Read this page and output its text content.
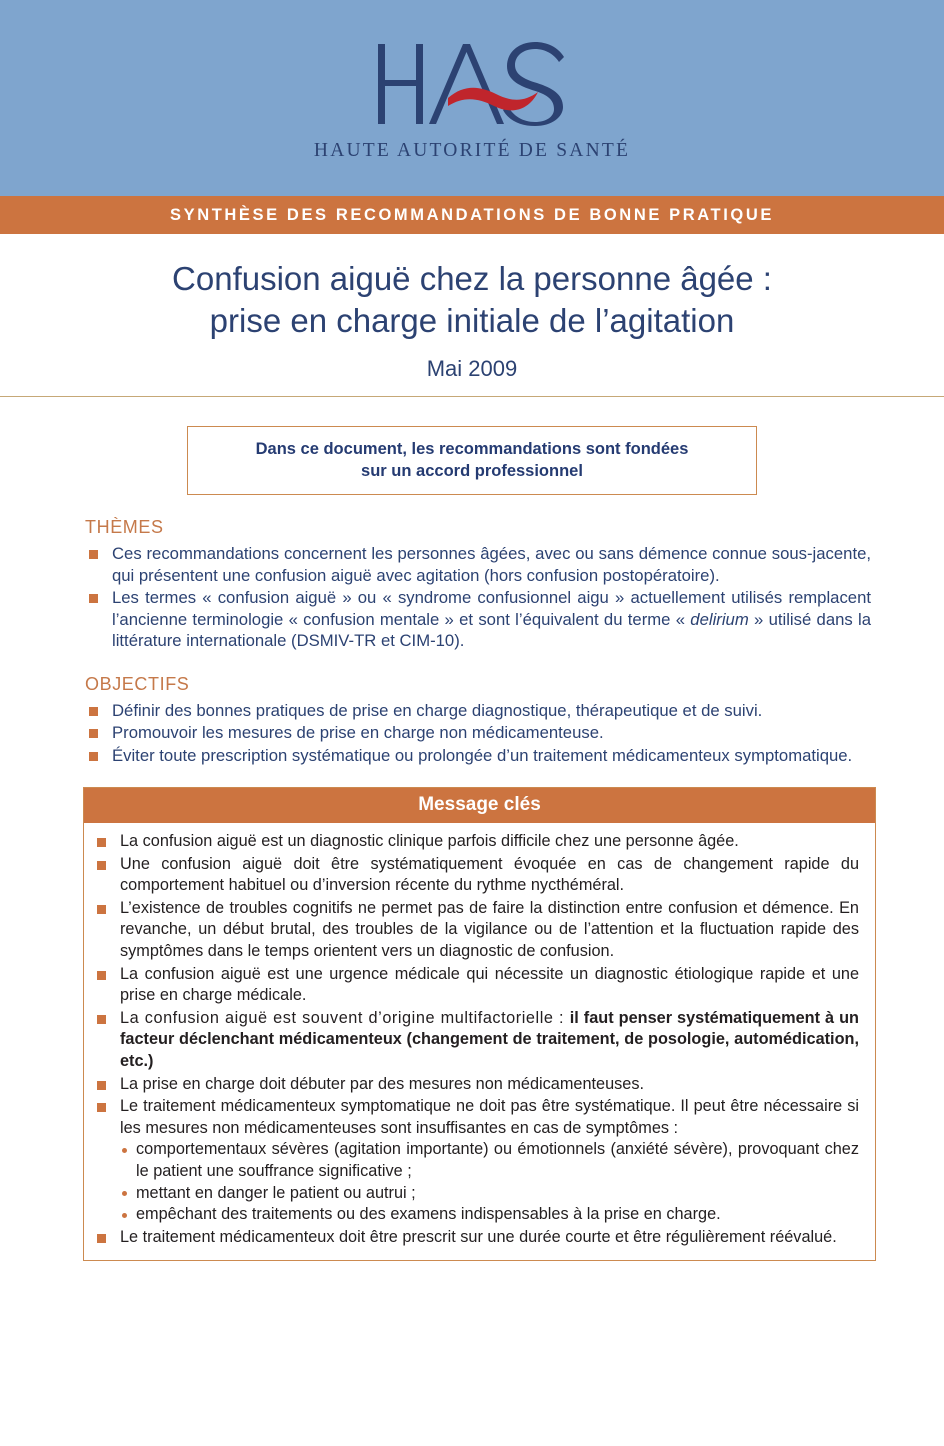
HAUTE AUTORITÉ DE SANTÉ
SYNTHÈSE DES RECOMMANDATIONS DE BONNE PRATIQUE
Confusion aiguë chez la personne âgée :
prise en charge initiale de l’agitation
Mai 2009
Dans ce document, les recommandations sont fondées
sur un accord professionnel
THÈMES
Ces recommandations concernent les personnes âgées, avec ou sans démence connue sous-jacente, qui présentent une confusion aiguë avec agitation (hors confusion postopératoire).
Les termes « confusion aiguë » ou « syndrome confusionnel aigu » actuellement utilisés remplacent l’ancienne terminologie « confusion mentale » et sont l’équivalent du terme « delirium » utilisé dans la littérature internationale (DSMIV-TR et CIM-10).
OBJECTIFS
Définir des bonnes pratiques de prise en charge diagnostique, thérapeutique et de suivi.
Promouvoir les mesures de prise en charge non médicamenteuse.
Éviter toute prescription systématique ou prolongée d’un traitement médicamenteux symptomatique.
Message clés
La confusion aiguë est un diagnostic clinique parfois difficile chez une personne âgée.
Une confusion aiguë doit être systématiquement évoquée en cas de changement rapide du comportement habituel ou d’inversion récente du rythme nycthéméral.
L’existence de troubles cognitifs ne permet pas de faire la distinction entre confusion et démence. En revanche, un début brutal, des troubles de la vigilance ou de l’attention et la fluctuation rapide des symptômes dans le temps orientent vers un diagnostic de confusion.
La confusion aiguë est une urgence médicale qui nécessite un diagnostic étiologique rapide et une prise en charge médicale.
La confusion aiguë est souvent d’origine multifactorielle : il faut penser systématiquement à un facteur déclenchant médicamenteux (changement de traitement, de posologie, automédication, etc.)
La prise en charge doit débuter par des mesures non médicamenteuses.
Le traitement médicamenteux symptomatique ne doit pas être systématique. Il peut être nécessaire si les mesures non médicamenteuses sont insuffisantes en cas de symptômes :
comportementaux sévères (agitation importante) ou émotionnels (anxiété sévère), provoquant chez le patient une souffrance significative ;
mettant en danger le patient ou autrui ;
empêchant des traitements ou des examens indispensables à la prise en charge.
Le traitement médicamenteux doit être prescrit sur une durée courte et être régulièrement réévalué.
